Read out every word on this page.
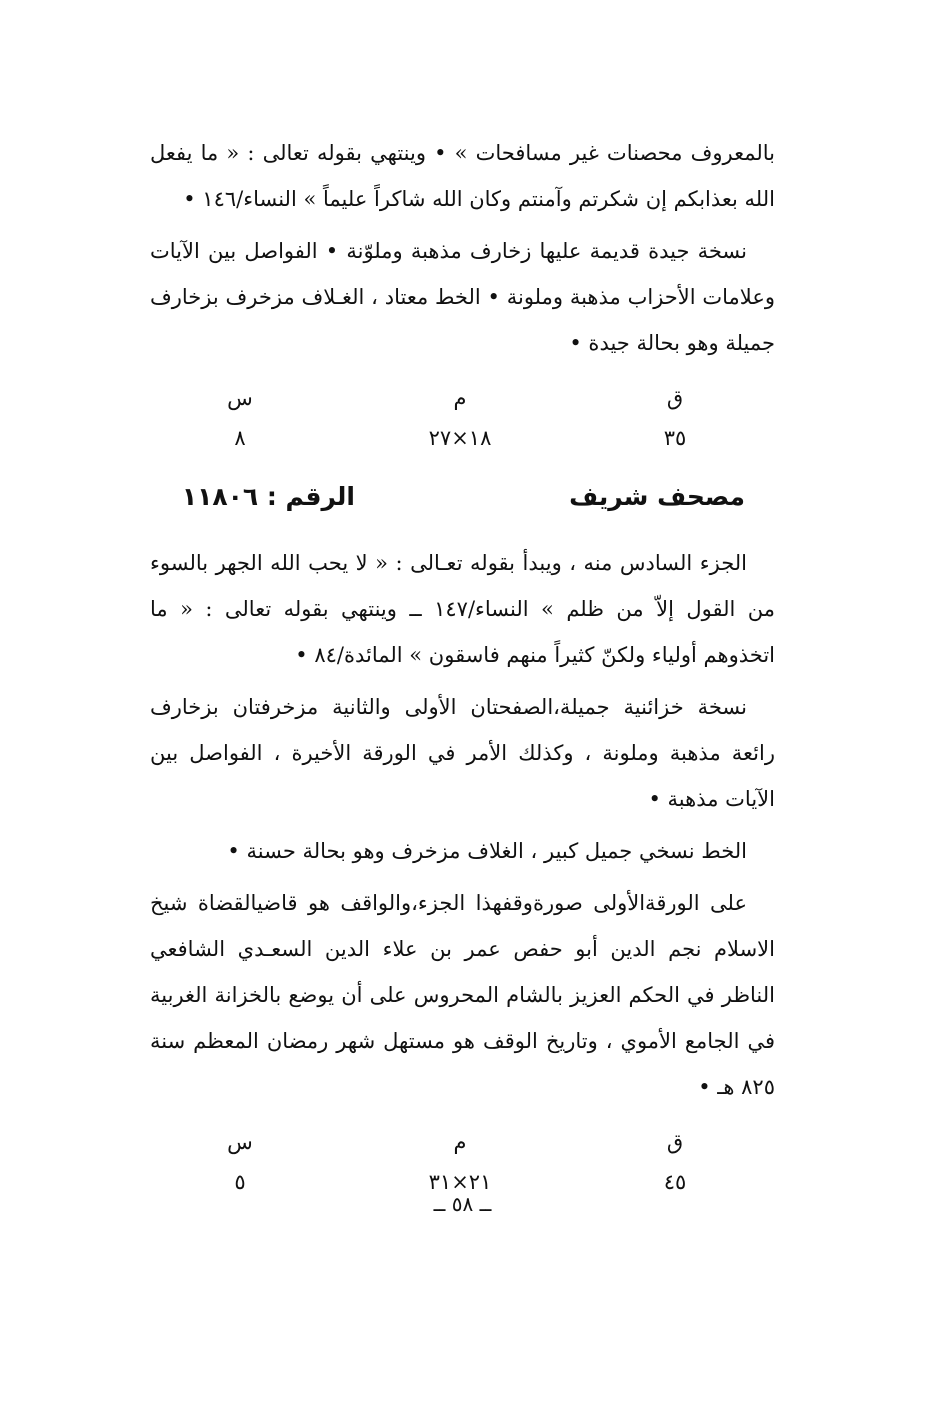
بالمعروف محصنات غير مسافحات » • وينتهي بقوله تعالى : « ما يفعل الله بعذابكم إن شكرتم وآمنتم وكان الله شاكراً عليماً » النساء/١٤٦ •

نسخة جيدة قديمة عليها زخارف مذهبة وملوّنة • الفواصل بين الآيات وعلامات الأحزاب مذهبة وملونة • الخط معتاد ، الغـلاف مزخرف بزخارف جميلة وهو بحالة جيدة •

ق
٣٥
م
١٨×٢٧
س
٨
مصحف شريف
الرقم : ١١٨٠٦

الجزء السادس منه ، ويبدأ بقوله تعـالى : « لا يحب الله الجهر بالسوء من القول إلاّ من ظلم » النساء/١٤٧ ــ وينتهي بقوله تعالى : « ما اتخذوهم أولياء ولكنّ كثيراً منهم فاسقون » المائدة/٨٤ •

نسخة خزائنية جميلة،الصفحتان الأولى والثانية مزخرفتان بزخارف رائعة مذهبة وملونة ، وكذلك الأمر في الورقة الأخيرة ، الفواصل بين الآيات مذهبة •

الخط نسخي جميل كبير ، الغلاف مزخرف وهو بحالة حسنة •

على الورقةالأولى صورةوقفهذا الجزء،والواقف هو قاضيالقضاة شيخ الاسلام نجم الدين أبو حفص عمر بن علاء الدين السعـدي الشافعي الناظر في الحكم العزيز بالشام المحروس على أن يوضع بالخزانة الغربية في الجامع الأموي ، وتاريخ الوقف هو مستهل شهر رمضان المعظم سنة ٨٢٥ هـ •

ق
٤٥
م
٢١×٣١
س
٥
ــ ٥٨ ــ
